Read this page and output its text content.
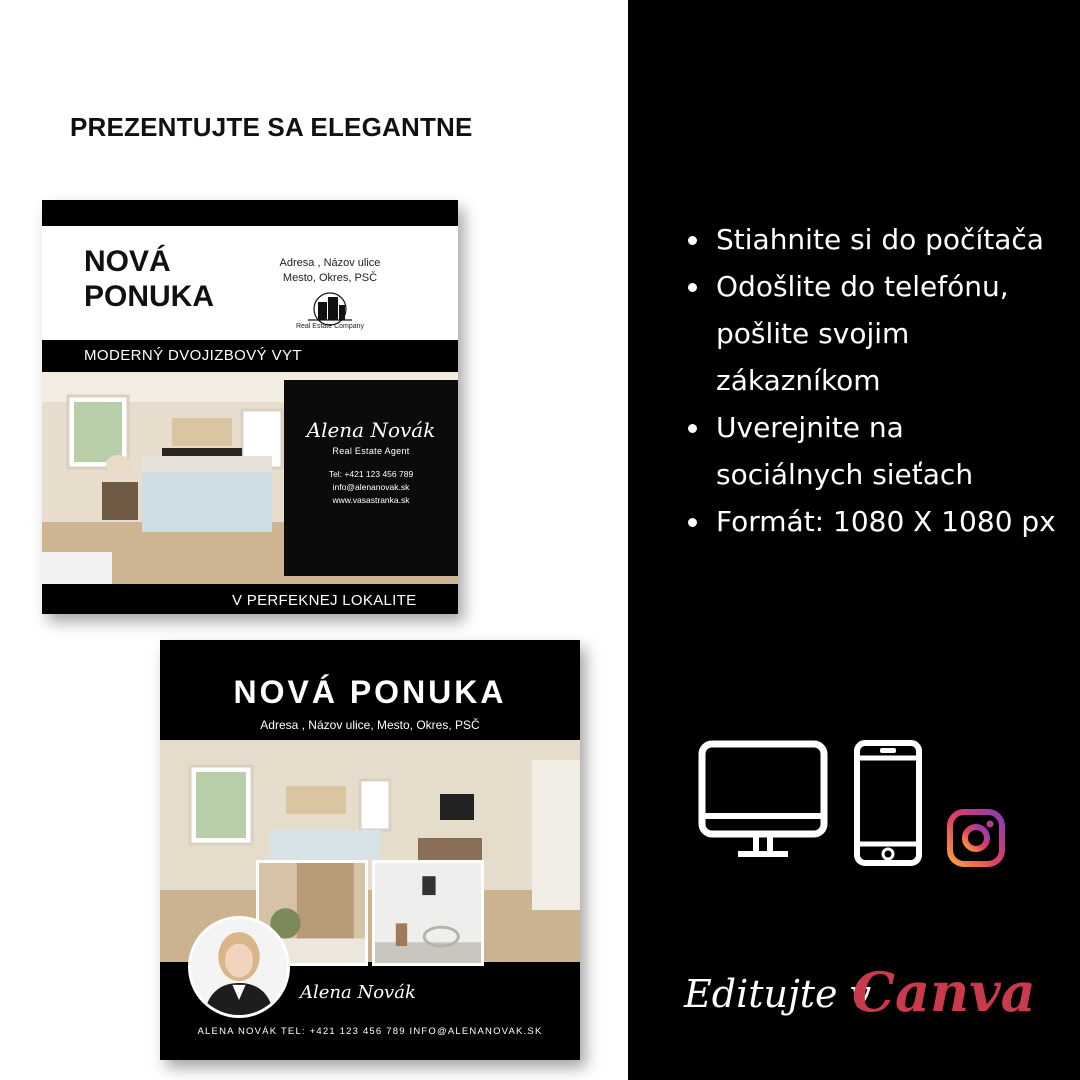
PREZENTUJTE SA ELEGANTNE
NOVÁ
PONUKA
Adresa , Názov ulice
Mesto, Okres, PSČ
Real Estate Company
MODERNÝ DVOJIZBOVÝ VYT
Alena Novák
Real Estate Agent
Tel: +421 123 456 789
info@alenanovak.sk
www.vasastranka.sk
V PERFEKNEJ LOKALITE
NOVÁ PONUKA
Adresa , Názov ulice, Mesto, Okres, PSČ
Alena Novák
ALENA NOVÁK TEL: +421 123 456 789 INFO@ALENANOVAK.SK
Stiahnite si do počítača
Odošlite do telefónu, pošlite svojim zákazníkom
Uverejnite na sociálnych sieťach
Formát: 1080 X 1080 px
Editujte v
Canva
